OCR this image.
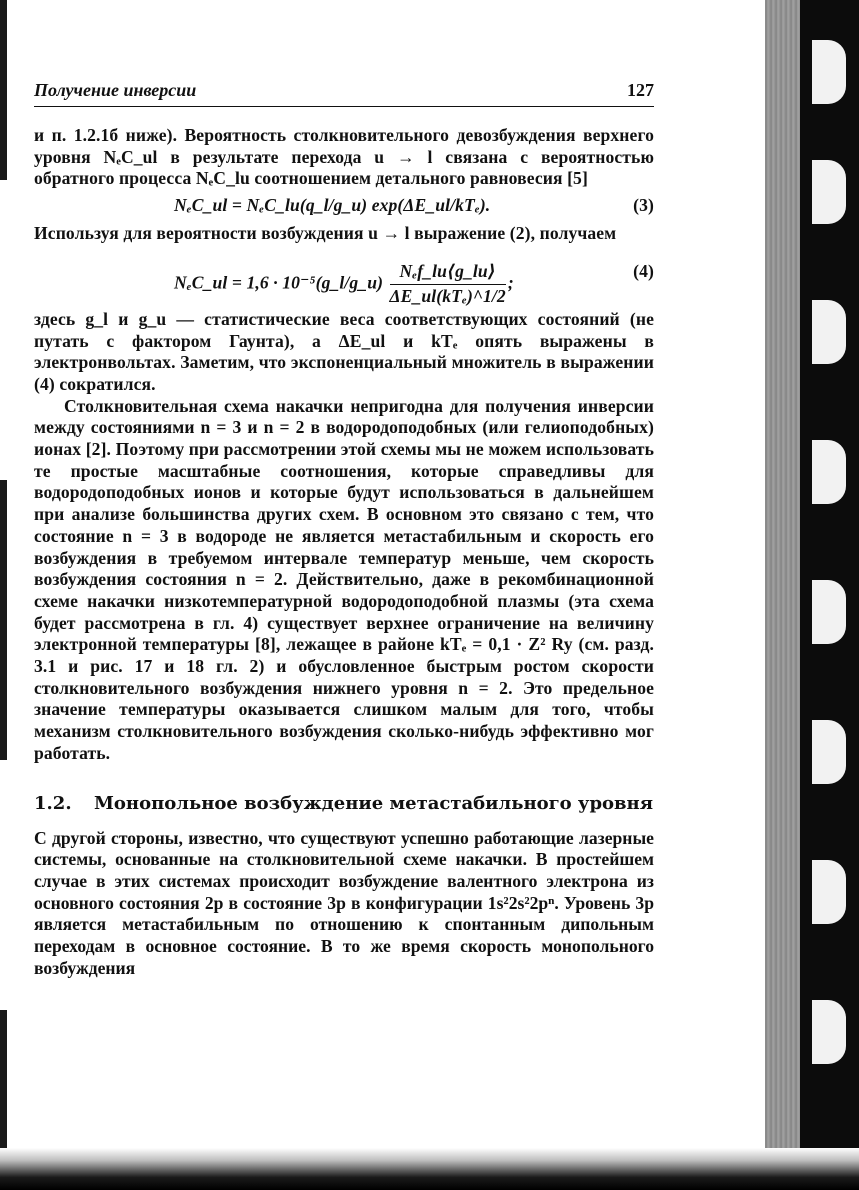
Получение инверсии	127

и п. 1.2.1б ниже). Вероятность столкновительного девозбуждения верхнего уровня NₑC_ul в результате перехода u → l связана с вероятностью обратного процесса NₑC_lu соотношением детального равновесия [5]

NₑC_ul = NₑC_lu(q_l/g_u) exp(ΔE_ul/kTₑ).	(3)

Используя для вероятности возбуждения u → l выражение (2), получаем

NₑC_ul = 1,6 · 10⁻⁵(g_l/g_u) $\frac{\text{Nₑf\_lu⟨g\_lu⟩}}{\text{ΔE\_ul(kTₑ)\textasciicircum{}1/2}}$ ;
(4)

здесь g_l и g_u — статистические веса соответствующих состояний (не путать с фактором Гаунта), а ΔE_ul и kTₑ опять выражены в электронвольтах. Заметим, что экспоненциальный множитель в выражении (4) сократился.

Столкновительная схема накачки непригодна для получения инверсии между состояниями n = 3 и n = 2 в водородоподобных (или гелиоподобных) ионах [2]. Поэтому при рассмотрении этой схемы мы не можем использовать те простые масштабные соотношения, которые справедливы для водородоподобных ионов и которые будут использоваться в дальнейшем при анализе большинства других схем. В основном это связано с тем, что состояние n = 3 в водороде не является метастабильным и скорость его возбуждения в требуемом интервале температур меньше, чем скорость возбуждения состояния n = 2. Действительно, даже в рекомбинационной схеме накачки низкотемпературной водородоподобной плазмы (эта схема будет рассмотрена в гл. 4) существует верхнее ограничение на величину электронной температуры [8], лежащее в районе kTₑ = 0,1 · Z² Ry (см. разд. 3.1 и рис. 17 и 18 гл. 2) и обусловленное быстрым ростом скорости столкновительного возбуждения нижнего уровня n = 2. Это предельное значение температуры оказывается слишком малым для того, чтобы механизм столкновительного возбуждения сколько-нибудь эффективно мог работать.

1.2. Монопольное возбуждение метастабильного уровня

С другой стороны, известно, что существуют успешно работающие лазерные системы, основанные на столкновительной схеме накачки. В простейшем случае в этих системах происходит возбуждение валентного электрона из основного состояния 2p в состояние 3p в конфигурации 1s²2s²2pⁿ. Уровень 3p является метастабильным по отношению к спонтанным дипольным переходам в основное состояние. В то же время скорость монопольного возбуждения
